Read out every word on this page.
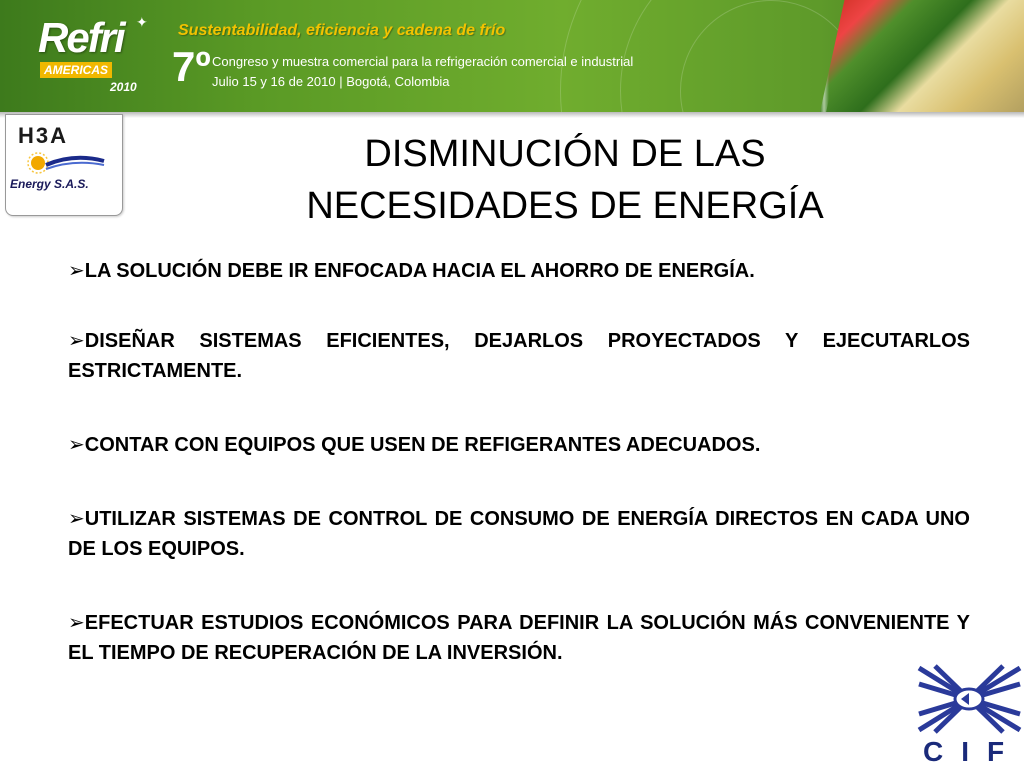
Refri ✦
AMERICAS
2010
Sustentabilidad, eficiencia y cadena de frío
7º Congreso y muestra comercial para la refrigeración comercial e industrial
Julio 15 y 16 de 2010 | Bogotá, Colombia
H3A
Energy S.A.S.
DISMINUCIÓN DE LAS
NECESIDADES DE ENERGÍA

➢LA SOLUCIÓN DEBE IR ENFOCADA HACIA EL AHORRO DE ENERGÍA.

➢DISEÑAR SISTEMAS EFICIENTES, DEJARLOS PROYECTADOS Y EJECUTARLOS ESTRICTAMENTE.

➢CONTAR CON EQUIPOS QUE USEN DE REFIGERANTES ADECUADOS.

➢UTILIZAR SISTEMAS DE CONTROL DE CONSUMO DE ENERGÍA DIRECTOS EN CADA UNO DE LOS EQUIPOS.

➢EFECTUAR ESTUDIOS ECONÓMICOS PARA DEFINIR LA SOLUCIÓN MÁS CONVENIENTE Y EL TIEMPO DE RECUPERACIÓN DE LA INVERSIÓN.

CIF
